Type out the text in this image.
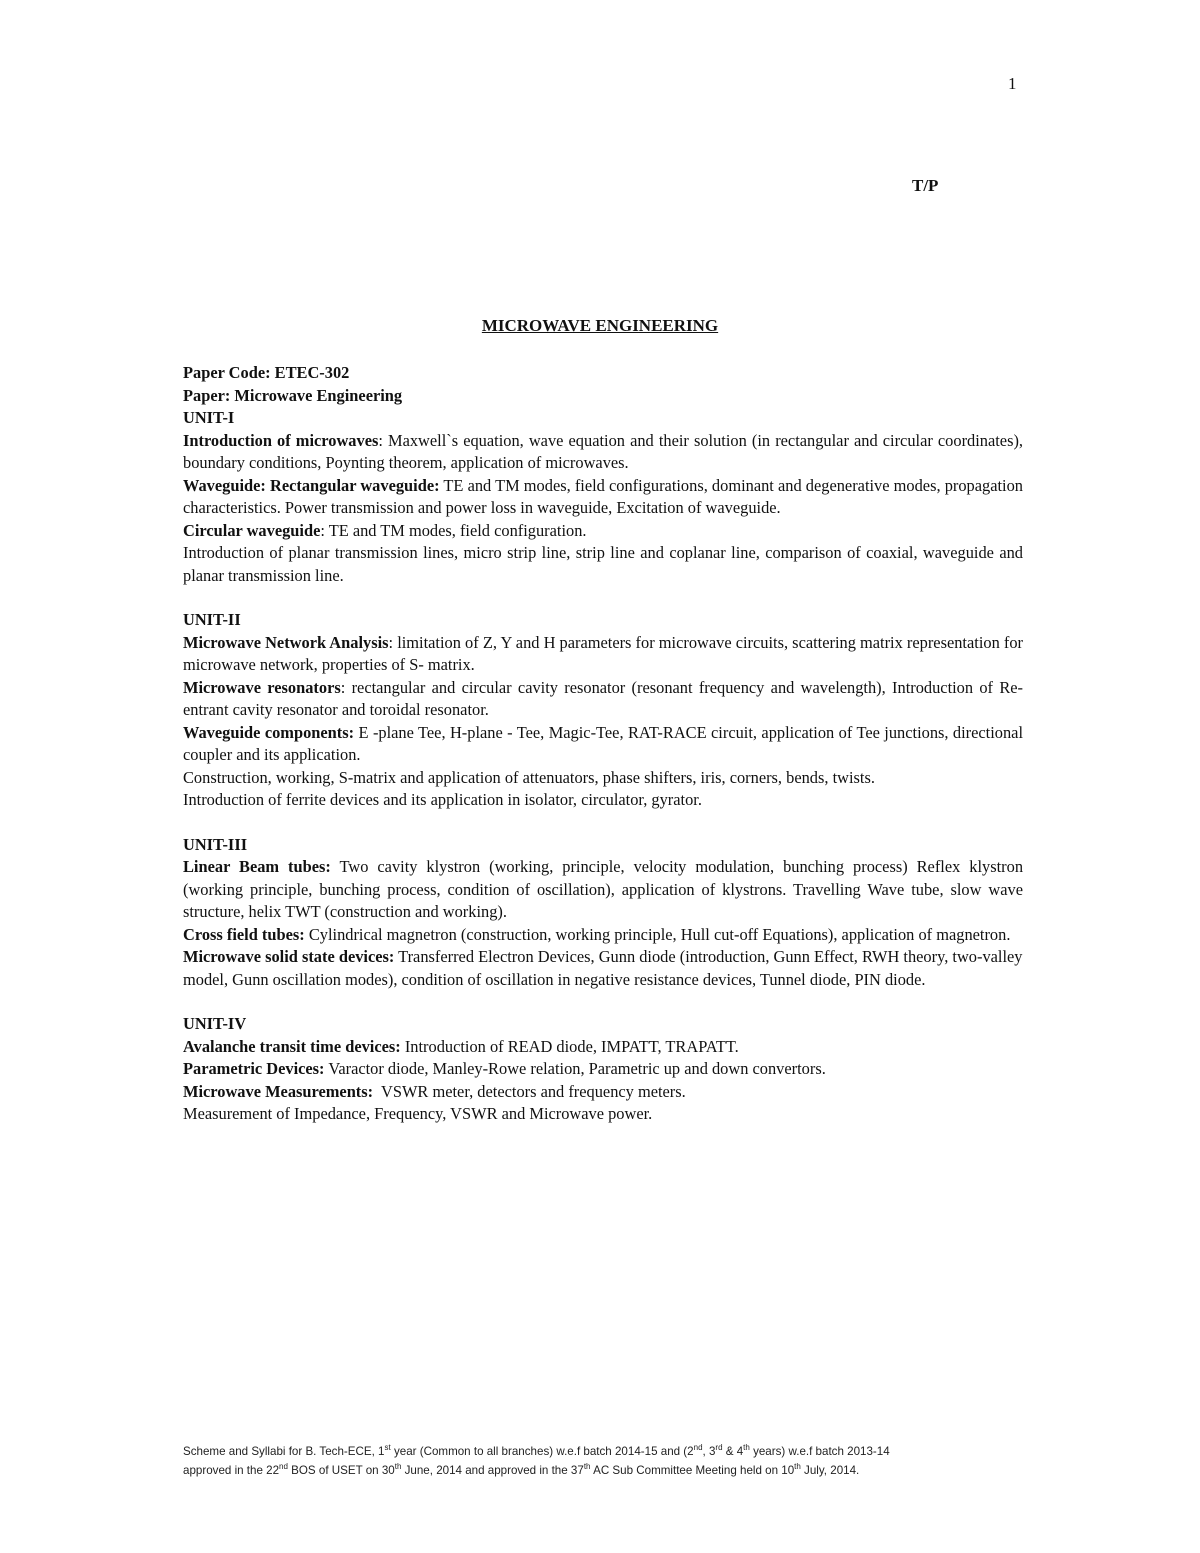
1
T/P
MICROWAVE ENGINEERING

Paper Code: ETEC-302

Paper: Microwave Engineering

UNIT-I

Introduction of microwaves: Maxwell`s equation, wave equation and their solution (in rectangular and circular coordinates), boundary conditions, Poynting theorem, application of microwaves.

Waveguide: Rectangular waveguide: TE and TM modes, field configurations, dominant and degenerative modes, propagation characteristics. Power transmission and power loss in waveguide, Excitation of waveguide.

Circular waveguide: TE and TM modes, field configuration.

Introduction of planar transmission lines, micro strip line, strip line and coplanar line, comparison of coaxial, waveguide and planar transmission line.

UNIT-II

Microwave Network Analysis: limitation of Z, Y and H parameters for microwave circuits, scattering matrix representation for microwave network, properties of S- matrix.

Microwave resonators: rectangular and circular cavity resonator (resonant frequency and wavelength), Introduction of Re-entrant cavity resonator and toroidal resonator.

Waveguide components: E -plane Tee, H-plane - Tee, Magic-Tee, RAT-RACE circuit, application of Tee junctions, directional coupler and its application.

Construction, working, S-matrix and application of attenuators, phase shifters, iris, corners, bends, twists.

Introduction of ferrite devices and its application in isolator, circulator, gyrator.

UNIT-III

Linear Beam tubes: Two cavity klystron (working, principle, velocity modulation, bunching process) Reflex klystron (working principle, bunching process, condition of oscillation), application of klystrons. Travelling Wave tube, slow wave structure, helix TWT (construction and working).

Cross field tubes: Cylindrical magnetron (construction, working principle, Hull cut-off Equations), application of magnetron.

Microwave solid state devices: Transferred Electron Devices, Gunn diode (introduction, Gunn Effect, RWH theory, two-valley model, Gunn oscillation modes), condition of oscillation in negative resistance devices, Tunnel diode, PIN diode.

UNIT-IV

Avalanche transit time devices: Introduction of READ diode, IMPATT, TRAPATT.

Parametric Devices: Varactor diode, Manley-Rowe relation, Parametric up and down convertors.

Microwave Measurements:  VSWR meter, detectors and frequency meters.

Measurement of Impedance, Frequency, VSWR and Microwave power.

Scheme and Syllabi for B. Tech-ECE, 1st year (Common to all branches) w.e.f batch 2014-15 and (2nd, 3rd & 4th years) w.e.f batch 2013-14

approved in the 22nd BOS of USET on 30th June, 2014 and approved in the 37th AC Sub Committee Meeting held on 10th July, 2014.
